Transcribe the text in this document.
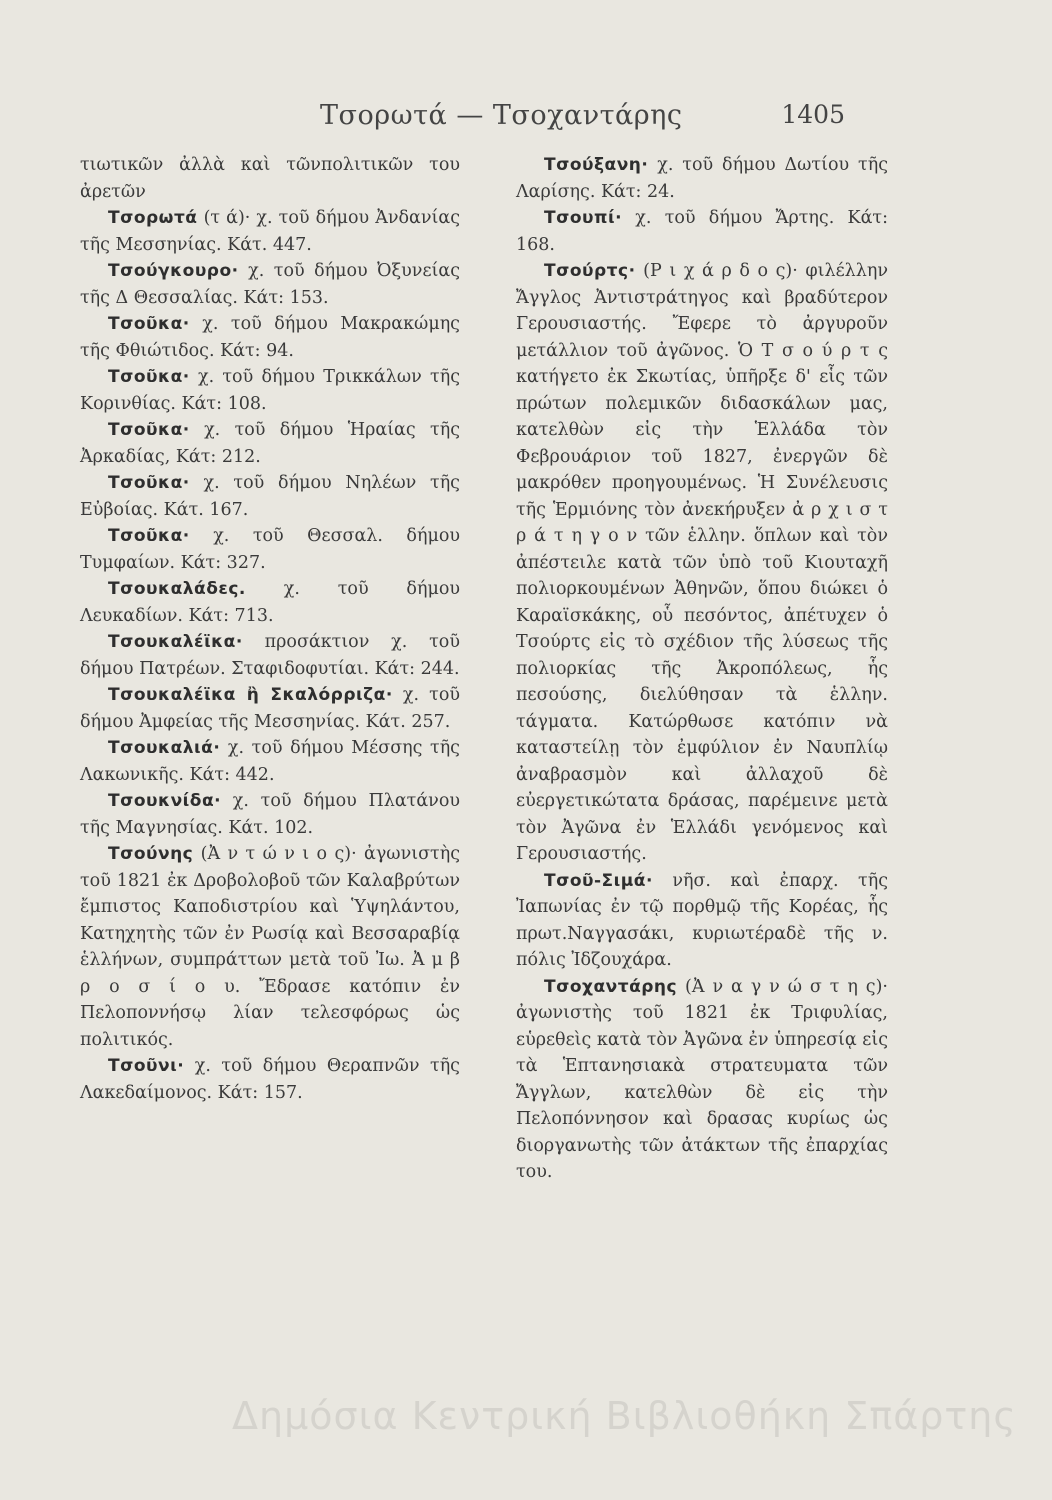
Τσορωτά — Τσοχαντάρης	1405

τιωτικῶν ἀλλὰ καὶ τῶνπολιτικῶν του ἀρετῶν

Τσορωτά (τ ά)· χ. τοῦ δήμου Ἀνδανίας τῆς Μεσσηνίας. Κάτ. 447.

Τσούγκουρο· χ. τοῦ δήμου Ὀξυνείας τῆς Δ Θεσσαλίας. Κάτ: 153.

Τσοῦκα· χ. τοῦ δήμου Μακρακώμης τῆς Φθιώτιδος. Κάτ: 94.

Τσοῦκα· χ. τοῦ δήμου Τρικκάλων τῆς Κορινθίας. Κάτ: 108.

Τσοῦκα· χ. τοῦ δήμου Ἡραίας τῆς Ἀρκαδίας, Κάτ: 212.

Τσοῦκα· χ. τοῦ δήμου Νηλέων τῆς Εὐβοίας. Κάτ. 167.

Τσοῦκα· χ. τοῦ Θεσσαλ. δήμου Τυμφαίων. Κάτ: 327.

Τσουκαλάδες. χ. τοῦ δήμου Λευκαδίων. Κάτ: 713.

Τσουκαλέϊκα· προσάκτιον χ. τοῦ δήμου Πατρέων. Σταφιδοφυτίαι. Κάτ: 244.

Τσουκαλέϊκα ἢ Σκαλόρριζα· χ. τοῦ δήμου Ἀμφείας τῆς Μεσσηνίας. Κάτ. 257.

Τσουκαλιά· χ. τοῦ δήμου Μέσσης τῆς Λακωνικῆς. Κάτ: 442.

Τσουκνίδα· χ. τοῦ δήμου Πλατάνου τῆς Μαγνησίας. Κάτ. 102.

Τσούνης (Ἀ ν τ ώ ν ι ο ς)· ἀγωνιστὴς τοῦ 1821 ἐκ Δροβολοβοῦ τῶν Καλαβρύτων ἔμπιστος Καποδιστρίου καὶ Ὑψηλάντου, Κατηχητὴς τῶν ἐν Ρωσίᾳ καὶ Βεσσαραβίᾳ ἑλλήνων, συμπράττων μετὰ τοῦ Ἰω. Ἀ μ β ρ ο σ ί ο υ. Ἔδρασε κατόπιν ἐν Πελοποννήσῳ λίαν τελεσφόρως ὡς πολιτικός.

Τσοῦνι· χ. τοῦ δήμου Θεραπνῶν τῆς Λακεδαίμονος. Κάτ: 157.

Τσούξανη· χ. τοῦ δήμου Δωτίου τῆς Λαρίσης. Κάτ: 24.

Τσουπί· χ. τοῦ δήμου Ἄρτης. Κάτ: 168.

Τσούρτς· (Ρ ι χ ά ρ δ ο ς)· φιλέλλην Ἄγγλος Ἀντιστράτηγος καὶ βραδύτερον Γερουσιαστής. Ἔφερε τὸ ἀργυροῦν μετάλλιον τοῦ ἀγῶνος. Ὁ Τ σ ο ύ ρ τ ς κατήγετο ἐκ Σκωτίας, ὑπῆρξε δ' εἷς τῶν πρώτων πολεμικῶν διδασκάλων μας, κατελθὼν εἰς τὴν Ἑλλάδα τὸν Φεβρουάριον τοῦ 1827, ἐνεργῶν δὲ μακρόθεν προηγουμένως. Ἡ Συνέλευσις τῆς Ἑρμιόνης τὸν ἀνεκήρυξεν ἀ ρ χ ι σ τ ρ ά τ η γ ο ν τῶν ἑλλην. ὅπλων καὶ τὸν ἀπέστειλε κατὰ τῶν ὑπὸ τοῦ Κιουταχῆ πολιορκουμένων Ἀθηνῶν, ὅπου διώκει ὁ Καραϊσκάκης, οὗ πεσόντος, ἀπέτυχεν ὁ Τσούρτς εἰς τὸ σχέδιον τῆς λύσεως τῆς πολιορκίας τῆς Ἀκροπόλεως, ἧς πεσούσης, διελύθησαν τὰ ἑλλην. τάγματα. Κατώρθωσε κατόπιν νὰ καταστείλῃ τὸν ἐμφύλιον ἐν Ναυπλίῳ ἀναβρασμὸν καὶ ἀλλαχοῦ δὲ εὐεργετικώτατα δράσας, παρέμεινε μετὰ τὸν Ἀγῶνα ἐν Ἑλλάδι γενόμενος καὶ Γερουσιαστής.

Τσοῦ-Σιμά· νῆσ. καὶ ἐπαρχ. τῆς Ἰαπωνίας ἐν τῷ πορθμῷ τῆς Κορέας, ἧς πρωτ.Ναγγασάκι, κυριωτέραδὲ τῆς ν. πόλις Ἰδζουχάρα.

Τσοχαντάρης (Ἀ ν α γ ν ώ σ τ η ς)· ἀγωνιστὴς τοῦ 1821 ἐκ Τριφυλίας, εὑρεθεὶς κατὰ τὸν Ἀγῶνα ἐν ὑπηρεσίᾳ εἰς τὰ Ἑπτανησιακὰ στρατευματα τῶν Ἄγγλων, κατελθὼν δὲ εἰς τὴν Πελοπόννησον καὶ δρασας κυρίως ὡς διοργανωτὴς τῶν ἀτάκτων τῆς ἐπαρχίας του.

Δημόσια Κεντρική Βιβλιοθήκη Σπάρτης
